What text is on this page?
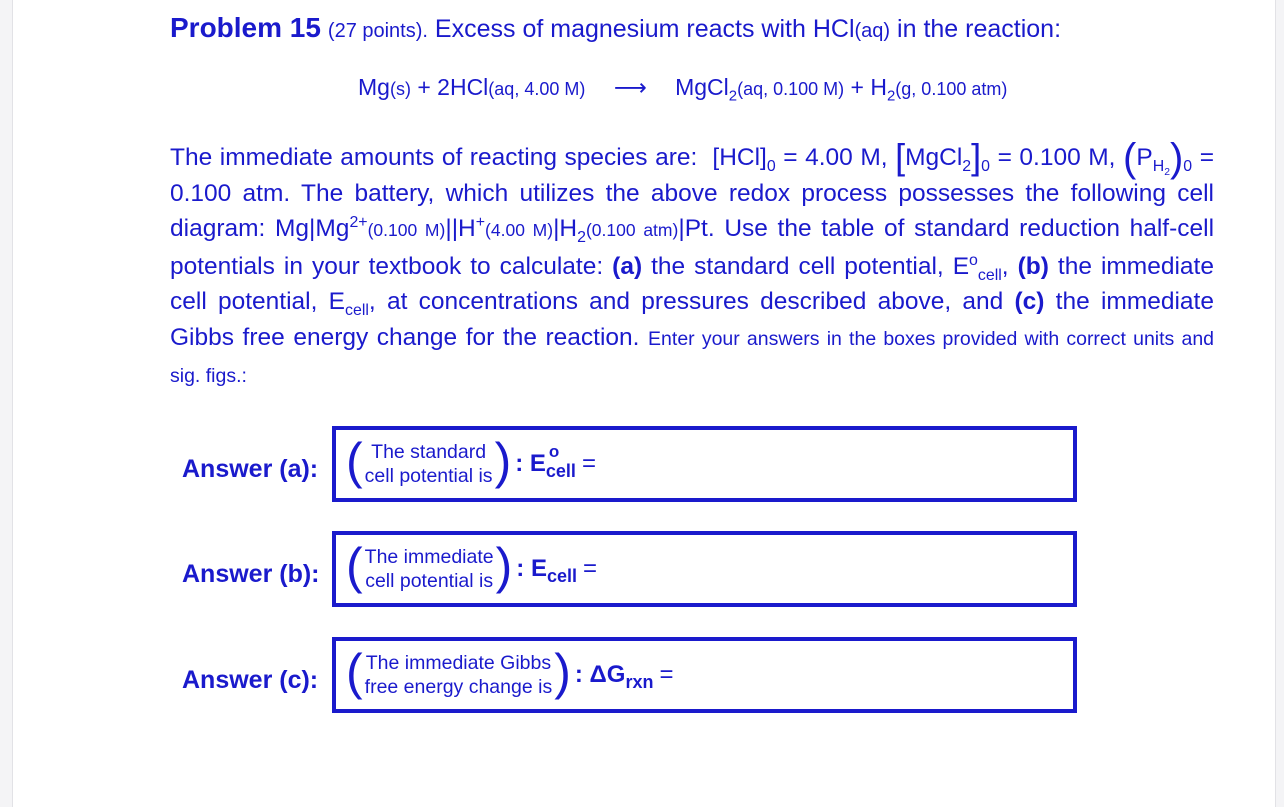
Problem 15 (27 points). Excess of magnesium reacts with HCl(aq) in the reaction:
Mg(s) + 2HCl(aq, 4.00 M) ⟶ MgCl$_2$(aq, 0.100 $M) + H_2(g$, 0.100 atm)
The immediate amounts of reacting species are: $[HCl]_0 = 4.00$ M, $[MgCl_2]_0 = 0.100$ M, $(P_{H_2})_0 = 0.100$ atm. The battery, which utilizes the above redox process possesses the following cell diagram: $Mg|Mg^{2+}(0.100$ M)||H+(4.00 $M)|H_2(0.100$ atm)|Pt. Use the table of standard reduction half-cell potentials in your textbook to calculate: (a) the standard cell potential, $E^o_{cell}$, (b) the immediate cell potential, $E_{cell}$, at concentrations and pressures described above, and (c) the immediate Gibbs free energy change for the reaction. Enter your answers in the boxes provided with correct units and sig. figs.:
Answer (a): ( The standard
cell potential is ) : E o
$_{cell}$ =
Answer (b): ( The immediate
cell potential is ) : $E_{cell}$ =
Answer (c): ( The immediate Gibbs
free energy change is ) : $\Delta G_{rxn}$ =
